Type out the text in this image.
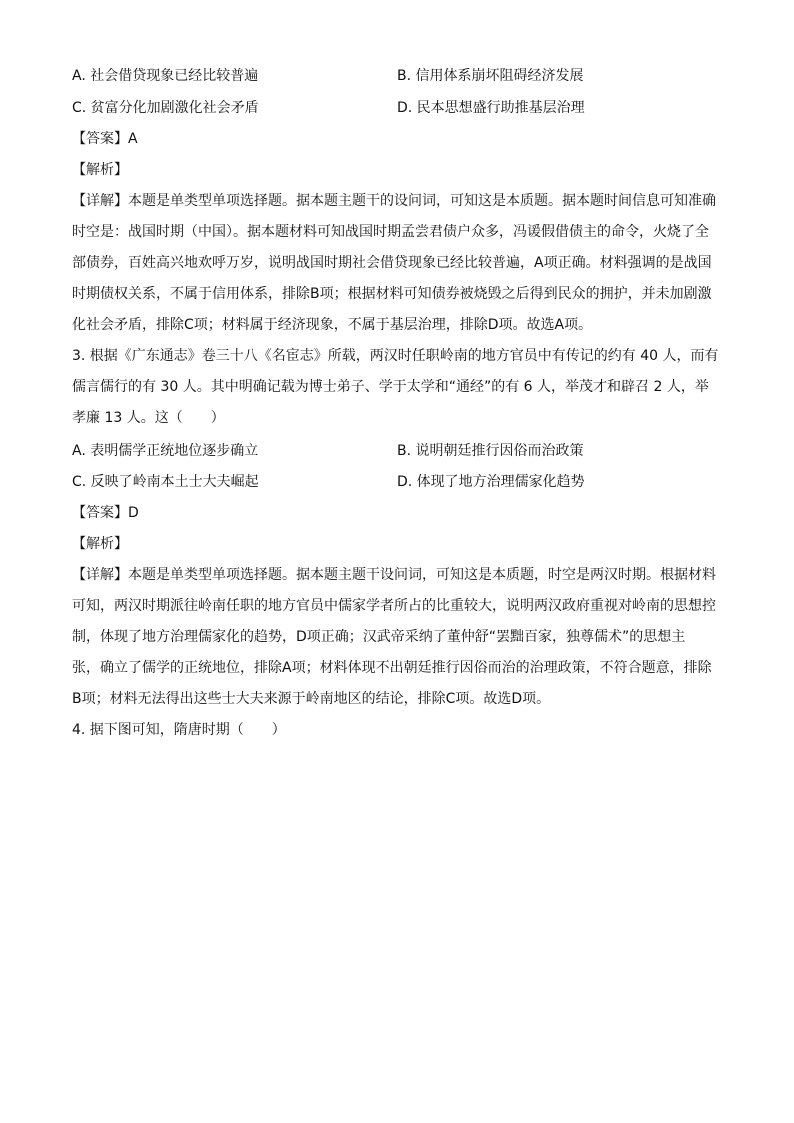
A. 社会借贷现象已经比较普遍	B. 信用体系崩坏阻碍经济发展
C. 贫富分化加剧激化社会矛盾	D. 民本思想盛行助推基层治理
【答案】A
【解析】
【详解】本题是单类型单项选择题。据本题主题干的设问词，可知这是本质题。据本题时间信息可知准确
时空是：战国时期（中国）。据本题材料可知战国时期孟尝君债户众多，冯谖假借债主的命令，火烧了全
部债券，百姓高兴地欢呼万岁，说明战国时期社会借贷现象已经比较普遍，A项正确。材料强调的是战国
时期债权关系，不属于信用体系，排除B项；根据材料可知债券被烧毁之后得到民众的拥护，并未加剧激
化社会矛盾，排除C项；材料属于经济现象，不属于基层治理，排除D项。故选A项。
3. 根据《广东通志》卷三十八《名宦志》所载，两汉时任职岭南的地方官员中有传记的约有 40 人，而有
儒言儒行的有 30 人。其中明确记载为博士弟子、学于太学和“通经”的有 6 人，举茂才和辟召 2 人，举
孝廉 13 人。这（　　）
A. 表明儒学正统地位逐步确立	B. 说明朝廷推行因俗而治政策
C. 反映了岭南本土士大夫崛起	D. 体现了地方治理儒家化趋势
【答案】D
【解析】
【详解】本题是单类型单项选择题。据本题主题干设问词，可知这是本质题，时空是两汉时期。根据材料
可知，两汉时期派往岭南任职的地方官员中儒家学者所占的比重较大，说明两汉政府重视对岭南的思想控
制，体现了地方治理儒家化的趋势，D项正确；汉武帝采纳了董仲舒“罢黜百家，独尊儒术”的思想主
张，确立了儒学的正统地位，排除A项；材料体现不出朝廷推行因俗而治的治理政策，不符合题意，排除
B项；材料无法得出这些士大夫来源于岭南地区的结论，排除C项。故选D项。
4. 据下图可知，隋唐时期（　　）
